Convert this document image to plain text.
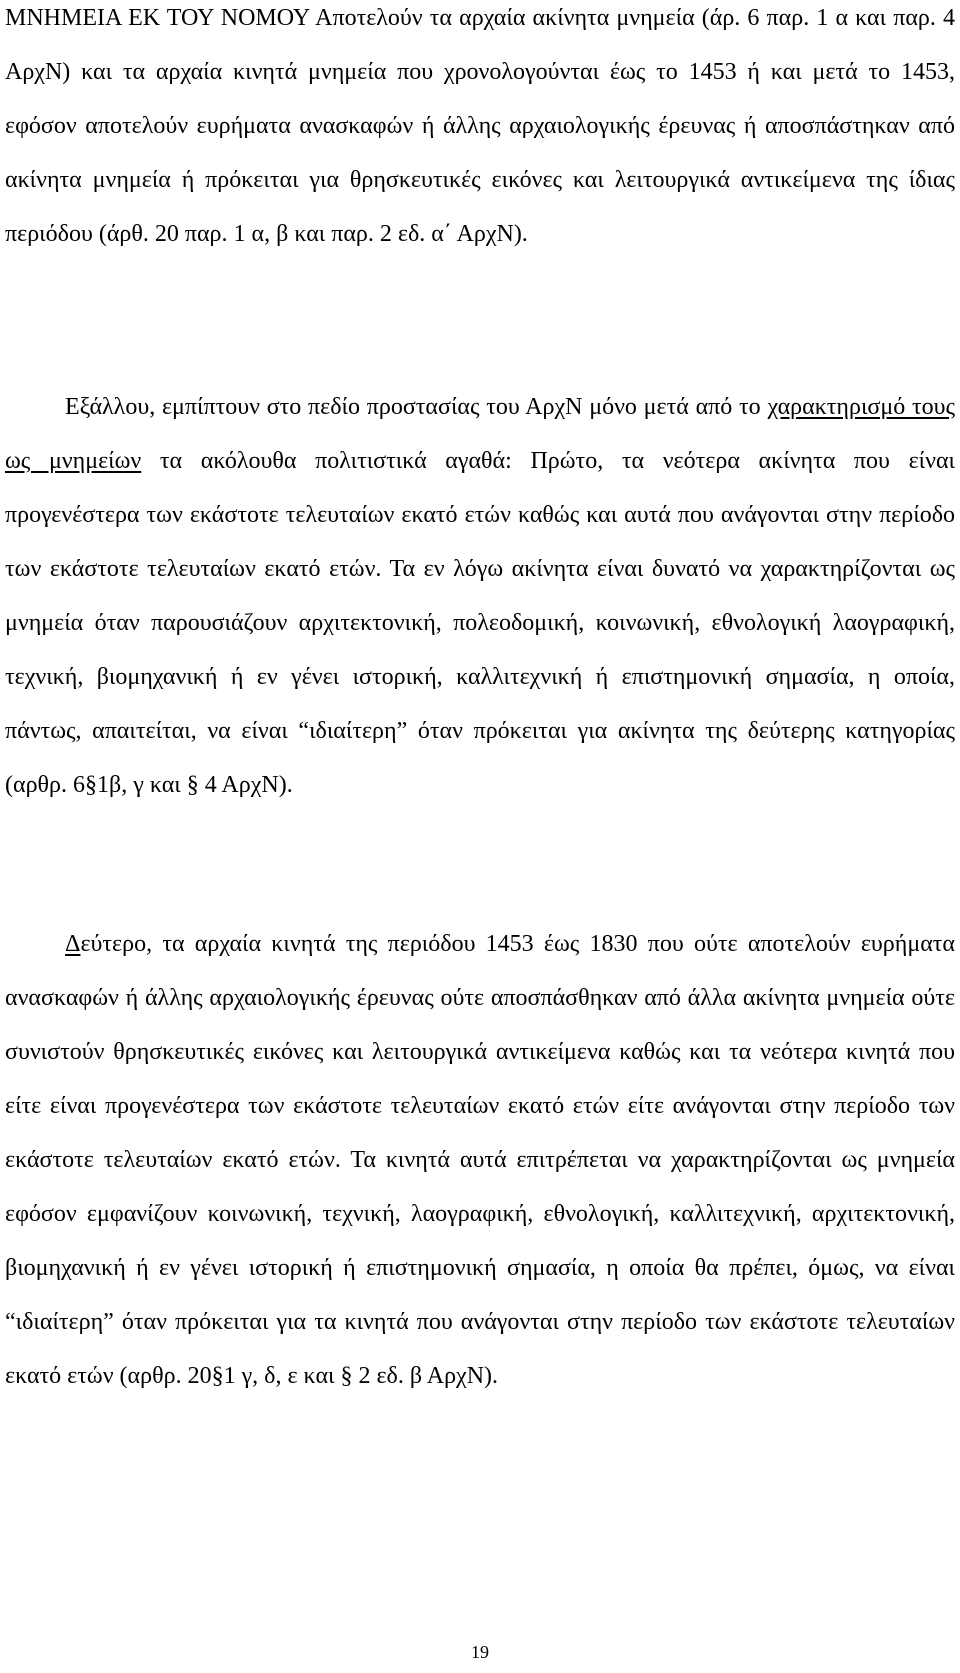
ΜΝΗΜΕΙΑ ΕΚ ΤΟΥ ΝΟΜΟΥ Αποτελούν τα αρχαία ακίνητα μνημεία (άρ. 6 παρ. 1 α και παρ. 4 ΑρχΝ) και τα αρχαία κινητά μνημεία που χρονολογούνται έως το 1453 ή και μετά το 1453, εφόσον αποτελούν ευρήματα ανασκαφών ή άλλης αρχαιολογικής έρευνας ή αποσπάστηκαν από ακίνητα μνημεία ή πρόκειται για θρησκευτικές εικόνες και λειτουργικά αντικείμενα της ίδιας περιόδου (άρθ. 20 παρ. 1 α, β και παρ. 2 εδ. α΄ ΑρχΝ).

Εξάλλου, εμπίπτουν στο πεδίο προστασίας του ΑρχΝ μόνο μετά από το χαρακτηρισμό τους ως μνημείων τα ακόλουθα πολιτιστικά αγαθά: Πρώτο, τα νεότερα ακίνητα που είναι προγενέστερα των εκάστοτε τελευταίων εκατό ετών καθώς και αυτά που ανάγονται στην περίοδο των εκάστοτε τελευταίων εκατό ετών. Τα εν λόγω ακίνητα είναι δυνατό να χαρακτηρίζονται ως μνημεία όταν παρουσιάζουν αρχιτεκτονική, πολεοδομική, κοινωνική, εθνολογική λαογραφική, τεχνική, βιομηχανική ή εν γένει ιστορική, καλλιτεχνική ή επιστημονική σημασία, η οποία, πάντως, απαιτείται, να είναι “ιδιαίτερη” όταν πρόκειται για ακίνητα της δεύτερης κατηγορίας (αρθρ. 6§1β, γ και § 4 ΑρχΝ).

Δεύτερο, τα αρχαία κινητά της περιόδου 1453 έως 1830 που ούτε αποτελούν ευρήματα ανασκαφών ή άλλης αρχαιολογικής έρευνας ούτε αποσπάσθηκαν από άλλα ακίνητα μνημεία ούτε συνιστούν θρησκευτικές εικόνες και λειτουργικά αντικείμενα καθώς και τα νεότερα κινητά που είτε είναι προγενέστερα των εκάστοτε τελευταίων εκατό ετών είτε ανάγονται στην περίοδο των εκάστοτε τελευταίων εκατό ετών. Τα κινητά αυτά επιτρέπεται να χαρακτηρίζονται ως μνημεία εφόσον εμφανίζουν κοινωνική, τεχνική, λαογραφική, εθνολογική, καλλιτεχνική, αρχιτεκτονική, βιομηχανική ή εν γένει ιστορική ή επιστημονική σημασία, η οποία θα πρέπει, όμως, να είναι “ιδιαίτερη” όταν πρόκειται για τα κινητά που ανάγονται στην περίοδο των εκάστοτε τελευταίων εκατό ετών (αρθρ. 20§1 γ, δ, ε και § 2 εδ. β ΑρχΝ).

19
